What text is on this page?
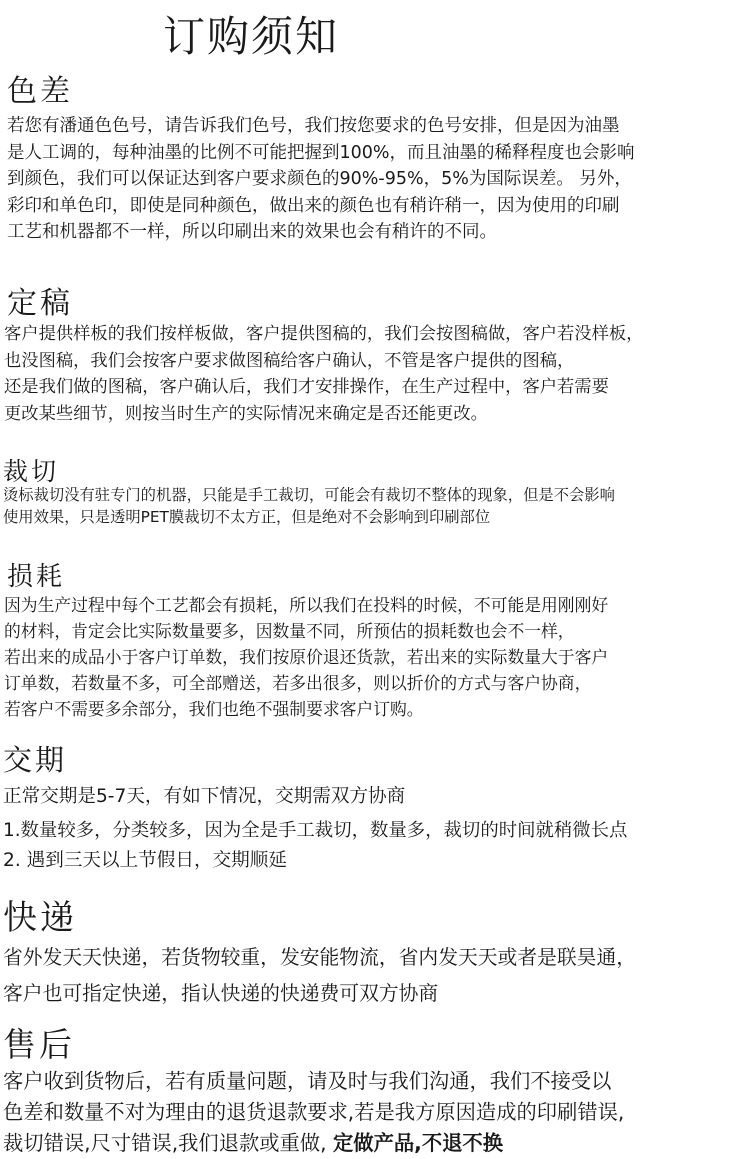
订购须知
色差
若您有潘通色色号，请告诉我们色号，我们按您要求的色号安排，但是因为油墨
是人工调的，每种油墨的比例不可能把握到100%，而且油墨的稀释程度也会影响
到颜色，我们可以保证达到客户要求颜色的90%-95%，5%为国际误差。 另外，
彩印和单色印，即使是同种颜色，做出来的颜色也有稍许稍一，因为使用的印刷
工艺和机器都不一样，所以印刷出来的效果也会有稍许的不同。
定稿
客户提供样板的我们按样板做，客户提供图稿的，我们会按图稿做，客户若没样板，
也没图稿，我们会按客户要求做图稿给客户确认，不管是客户提供的图稿，
还是我们做的图稿，客户确认后，我们才安排操作，在生产过程中，客户若需要
更改某些细节，则按当时生产的实际情况来确定是否还能更改。
裁切
烫标裁切没有驻专门的机器，只能是手工裁切，可能会有裁切不整体的现象，但是不会影响
使用效果，只是透明PET膜裁切不太方正，但是绝对不会影响到印刷部位
损耗
因为生产过程中每个工艺都会有损耗，所以我们在投料的时候，不可能是用刚刚好
的材料，肯定会比实际数量要多，因数量不同，所预估的损耗数也会不一样，
若出来的成品小于客户订单数，我们按原价退还货款，若出来的实际数量大于客户
订单数，若数量不多，可全部赠送，若多出很多，则以折价的方式与客户协商，
若客户不需要多余部分，我们也绝不强制要求客户订购。
交期
正常交期是5-7天，有如下情况，交期需双方协商
1.数量较多，分类较多，因为全是手工裁切，数量多，裁切的时间就稍微长点
2. 遇到三天以上节假日，交期顺延
快递
省外发天天快递，若货物较重，发安能物流，省内发天天或者是联昊通，
客户也可指定快递，指认快递的快递费可双方协商
售后
客户收到货物后，若有质量问题，请及时与我们沟通，我们不接受以
色差和数量不对为理由的退货退款要求,若是我方原因造成的印刷错误,
裁切错误,尺寸错误,我们退款或重做, 定做产品,不退不换
